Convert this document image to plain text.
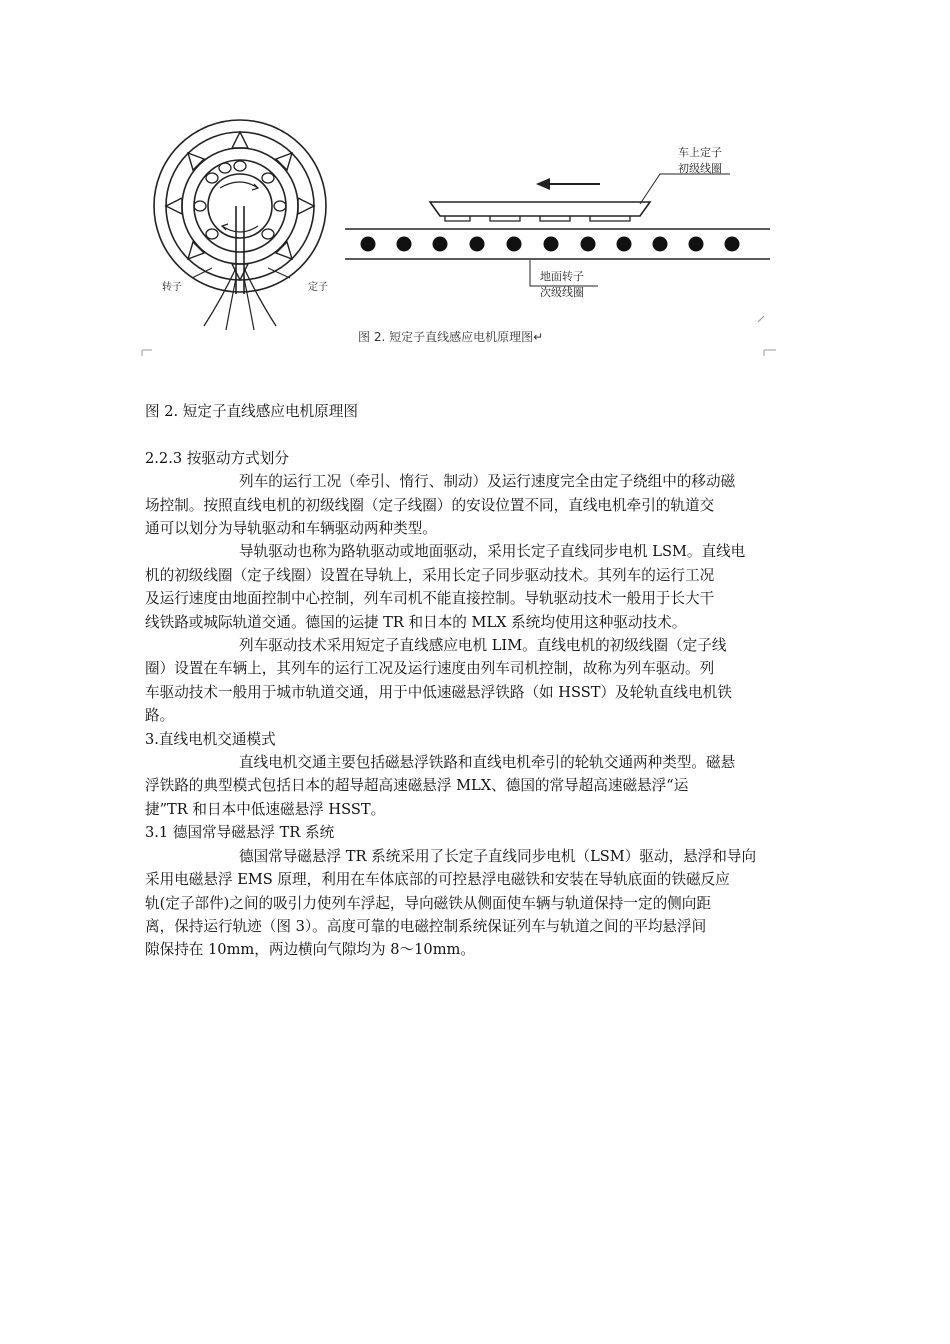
转子	定子
车上定子
初级线圈
地面转子
次级线圈
图 2. 短定子直线感应电机原理图↵
图 2. 短定子直线感应电机原理图
2.2.3 按驱动方式划分
列车的运行工况（牵引、惰行、制动）及运行速度完全由定子绕组中的移动磁
场控制。按照直线电机的初级线圈（定子线圈）的安设位置不同，直线电机牵引的轨道交
通可以划分为导轨驱动和车辆驱动两种类型。
导轨驱动也称为路轨驱动或地面驱动，采用长定子直线同步电机 LSM。直线电
机的初级线圈（定子线圈）设置在导轨上，采用长定子同步驱动技术。其列车的运行工况
及运行速度由地面控制中心控制，列车司机不能直接控制。导轨驱动技术一般用于长大干
线铁路或城际轨道交通。德国的运捷 TR 和日本的 MLX 系统均使用这种驱动技术。
列车驱动技术采用短定子直线感应电机 LIM。直线电机的初级线圈（定子线
圈）设置在车辆上，其列车的运行工况及运行速度由列车司机控制，故称为列车驱动。列
车驱动技术一般用于城市轨道交通，用于中低速磁悬浮铁路（如 HSST）及轮轨直线电机铁
路。
3.直线电机交通模式
直线电机交通主要包括磁悬浮铁路和直线电机牵引的轮轨交通两种类型。磁悬
浮铁路的典型模式包括日本的超导超高速磁悬浮 MLX、德国的常导超高速磁悬浮“运
捷”TR 和日本中低速磁悬浮 HSST。
3.1 德国常导磁悬浮 TR 系统
德国常导磁悬浮 TR 系统采用了长定子直线同步电机（LSM）驱动，悬浮和导向
采用电磁悬浮 EMS 原理，利用在车体底部的可控悬浮电磁铁和安装在导轨底面的铁磁反应
轨(定子部件)之间的吸引力使列车浮起，导向磁铁从侧面使车辆与轨道保持一定的侧向距
离，保持运行轨迹（图 3）。高度可靠的电磁控制系统保证列车与轨道之间的平均悬浮间
隙保持在 10mm，两边横向气隙均为 8～10mm。
